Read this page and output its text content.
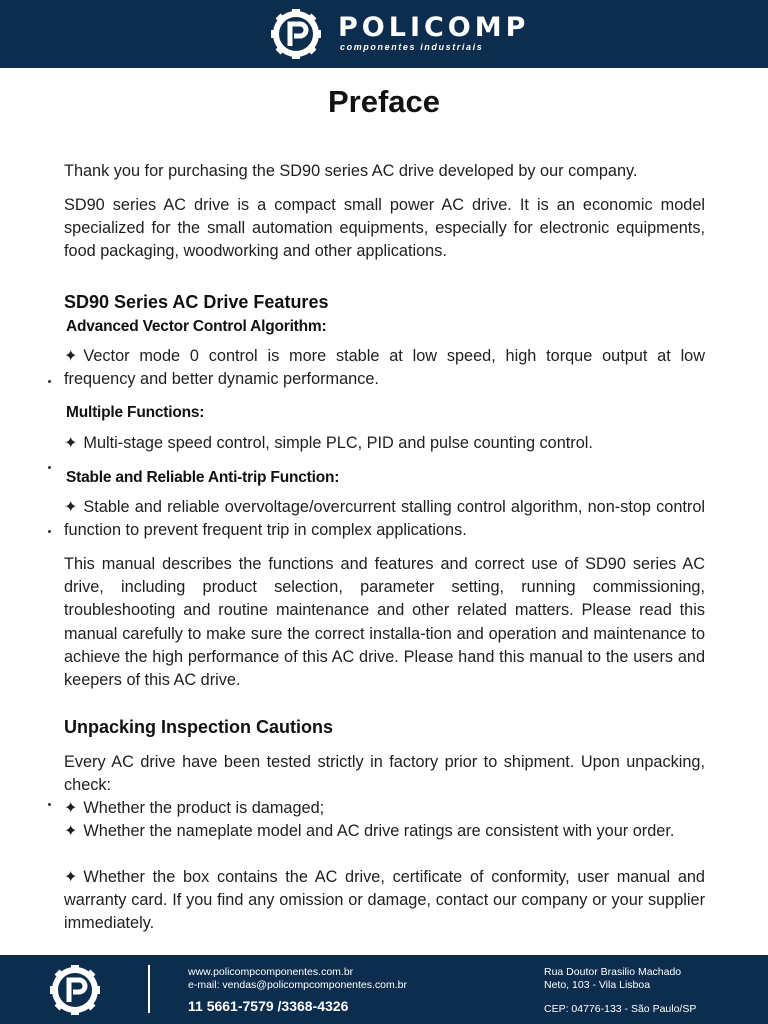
POLICOMP
componentes industriais
Preface

Thank you for purchasing the SD90 series AC drive developed by our company.

SD90 series AC drive is a compact small power AC drive. It is an economic model specialized for the small automation equipments, especially for electronic equipments, food packaging, woodworking and other applications.

SD90 Series AC Drive Features
Advanced Vector Control Algorithm:

✦ Vector mode 0 control is more stable at low speed, high torque output at low frequency and better dynamic performance.

Multiple Functions:

✦ Multi-stage speed control, simple PLC, PID and pulse counting control.

Stable and Reliable Anti-trip Function:

✦ Stable and reliable overvoltage/overcurrent stalling control algorithm, non-stop control function to prevent frequent trip in complex applications.

This manual describes the functions and features and correct use of SD90 series AC drive, including product selection, parameter setting, running commissioning, troubleshooting and routine maintenance and other related matters. Please read this manual carefully to make sure the correct installa-tion and operation and maintenance to achieve the high performance of this AC drive. Please hand this manual to the users and keepers of this AC drive.

Unpacking Inspection Cautions

Every AC drive have been tested strictly in factory prior to shipment. Upon unpacking, check:

✦ Whether the product is damaged;

✦ Whether the nameplate model and AC drive ratings are consistent with your order.

✦ Whether the box contains the AC drive, certificate of conformity, user manual and warranty card. If you find any omission or damage, contact our company or your supplier immediately.

www.policompcomponentes.com.br
e-mail: vendas@policompcomponentes.com.br
11 5661-7579 /3368-4326
Rua Doutor Brasilio Machado
Neto, 103 - Vila Lisboa
CEP: 04776-133 - São Paulo/SP
